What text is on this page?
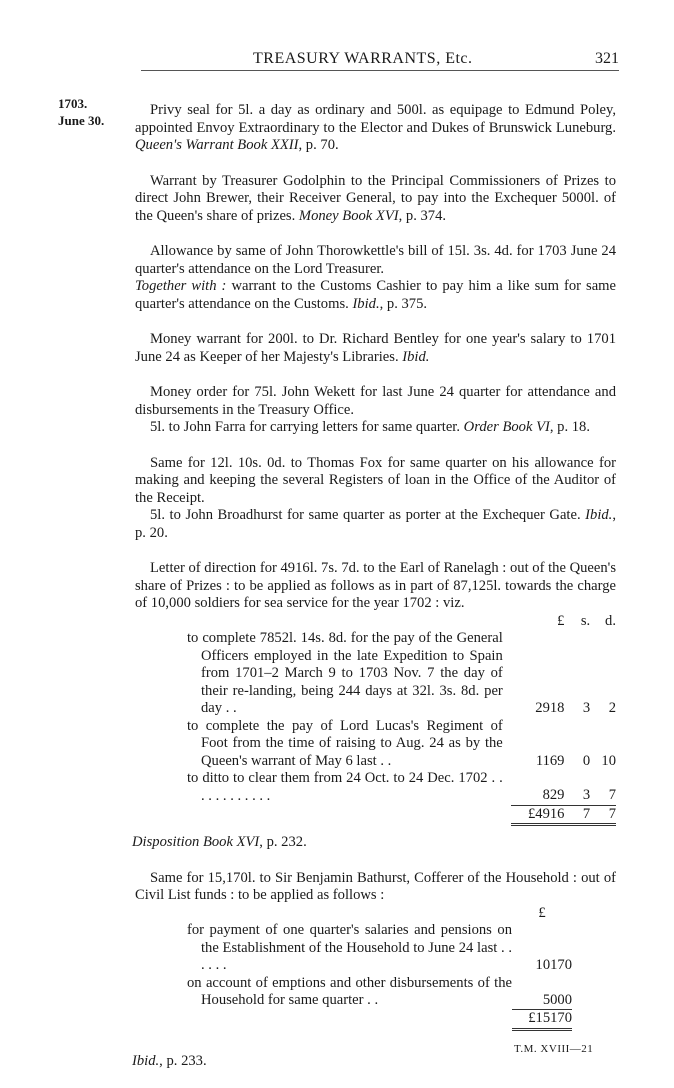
TREASURY WARRANTS, Etc.	321
1703.
June 30.

Privy seal for 5l. a day as ordinary and 500l. as equipage to Edmund Poley, appointed Envoy Extraordinary to the Elector and Dukes of Brunswick Luneburg. Queen's Warrant Book XXII, p. 70.

Warrant by Treasurer Godolphin to the Principal Commissioners of Prizes to direct John Brewer, their Receiver General, to pay into the Exchequer 5000l. of the Queen's share of prizes. Money Book XVI, p. 374.

Allowance by same of John Thorowkettle's bill of 15l. 3s. 4d. for 1703 June 24 quarter's attendance on the Lord Treasurer.

Together with : warrant to the Customs Cashier to pay him a like sum for same quarter's attendance on the Customs. Ibid., p. 375.

Money warrant for 200l. to Dr. Richard Bentley for one year's salary to 1701 June 24 as Keeper of her Majesty's Libraries. Ibid.

Money order for 75l. John Wekett for last June 24 quarter for attendance and disbursements in the Treasury Office.

5l. to John Farra for carrying letters for same quarter. Order Book VI, p. 18.

Same for 12l. 10s. 0d. to Thomas Fox for same quarter on his allowance for making and keeping the several Registers of loan in the Office of the Auditor of the Receipt.

5l. to John Broadhurst for same quarter as porter at the Exchequer Gate. Ibid., p. 20.

Letter of direction for 4916l. 7s. 7d. to the Earl of Ranelagh : out of the Queen's share of Prizes : to be applied as follows as in part of 87,125l. towards the charge of 10,000 soldiers for sea service for the year 1702 : viz.

	£	s.	d.

to complete 7852l. 14s. 8d. for the pay of the General Officers employed in the late Expedition to Spain from 1701–2 March 9 to 1703 Nov. 7 the day of their re-landing, being 244 days at 32l. 3s. 8d. per day . .	2918	3	2

to complete the pay of Lord Lucas's Regiment of Foot from the time of raising to Aug. 24 as by the Queen's warrant of May 6 last . .	1169	0	10

to ditto to clear them from 24 Oct. to 24 Dec. 1702 . . . . . . . . . . . .	829	3	7
	£4916	7	7

Disposition Book XVI, p. 232.

Same for 15,170l. to Sir Benjamin Bathurst, Cofferer of the Household : out of Civil List funds : to be applied as follows :

	£	

for payment of one quarter's salaries and pensions on the Establishment of the Household to June 24 last . . . . . .	10170	

on account of emptions and other disbursements of the Household for same quarter . .	5000	
	£15170	

Ibid., p. 233.

T.M. XVIII—21
